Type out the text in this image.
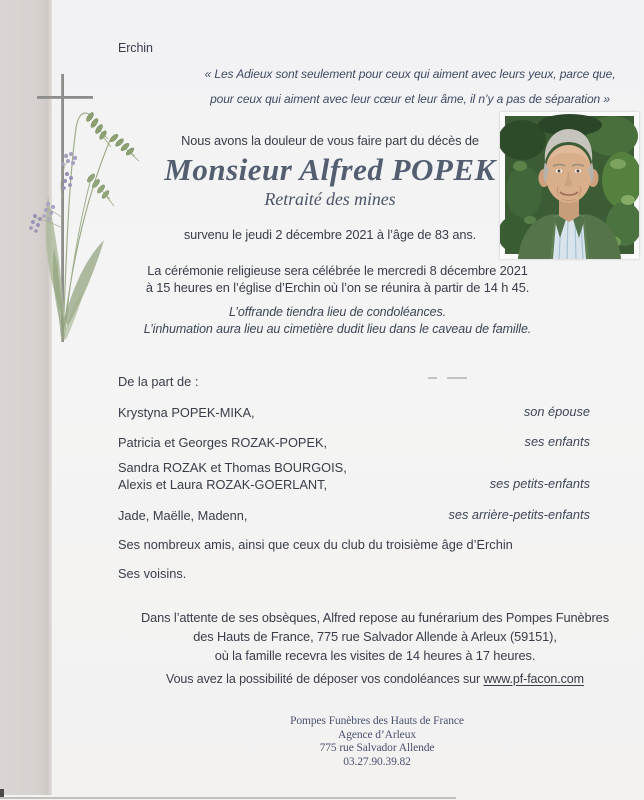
Erchin
« Les Adieux sont seulement pour ceux qui aiment avec leurs yeux, parce que,
pour ceux qui aiment avec leur cœur et leur âme, il n’y a pas de séparation »
Nous avons la douleur de vous faire part du décès de
Monsieur Alfred POPEK
Retraité des mines
survenu le jeudi 2 décembre 2021 à l’âge de 83 ans.
La cérémonie religieuse sera célébrée le mercredi 8 décembre 2021
à 15 heures en l’église d’Erchin où l’on se réunira à partir de 14 h 45.
L’offrande tiendra lieu de condoléances.
L’inhumation aura lieu au cimetière dudit lieu dans le caveau de famille.
De la part de :
Krystyna POPEK-MIKA,	son épouse
Patricia et Georges ROZAK-POPEK,	ses enfants
Sandra ROZAK et Thomas BOURGOIS,
Alexis et Laura ROZAK-GOERLANT,	ses petits-enfants
Jade, Maëlle, Madenn,	ses arrière-petits-enfants
Ses nombreux amis, ainsi que ceux du club du troisième âge d’Erchin
Ses voisins.
Dans l’attente de ses obsèques, Alfred repose au funérarium des Pompes Funèbres
des Hauts de France, 775 rue Salvador Allende à Arleux (59151),
où la famille recevra les visites de 14 heures à 17 heures.
Vous avez la possibilité de déposer vos condoléances sur www.pf-facon.com
Pompes Funèbres des Hauts de France
Agence d’Arleux
775 rue Salvador Allende
03.27.90.39.82
